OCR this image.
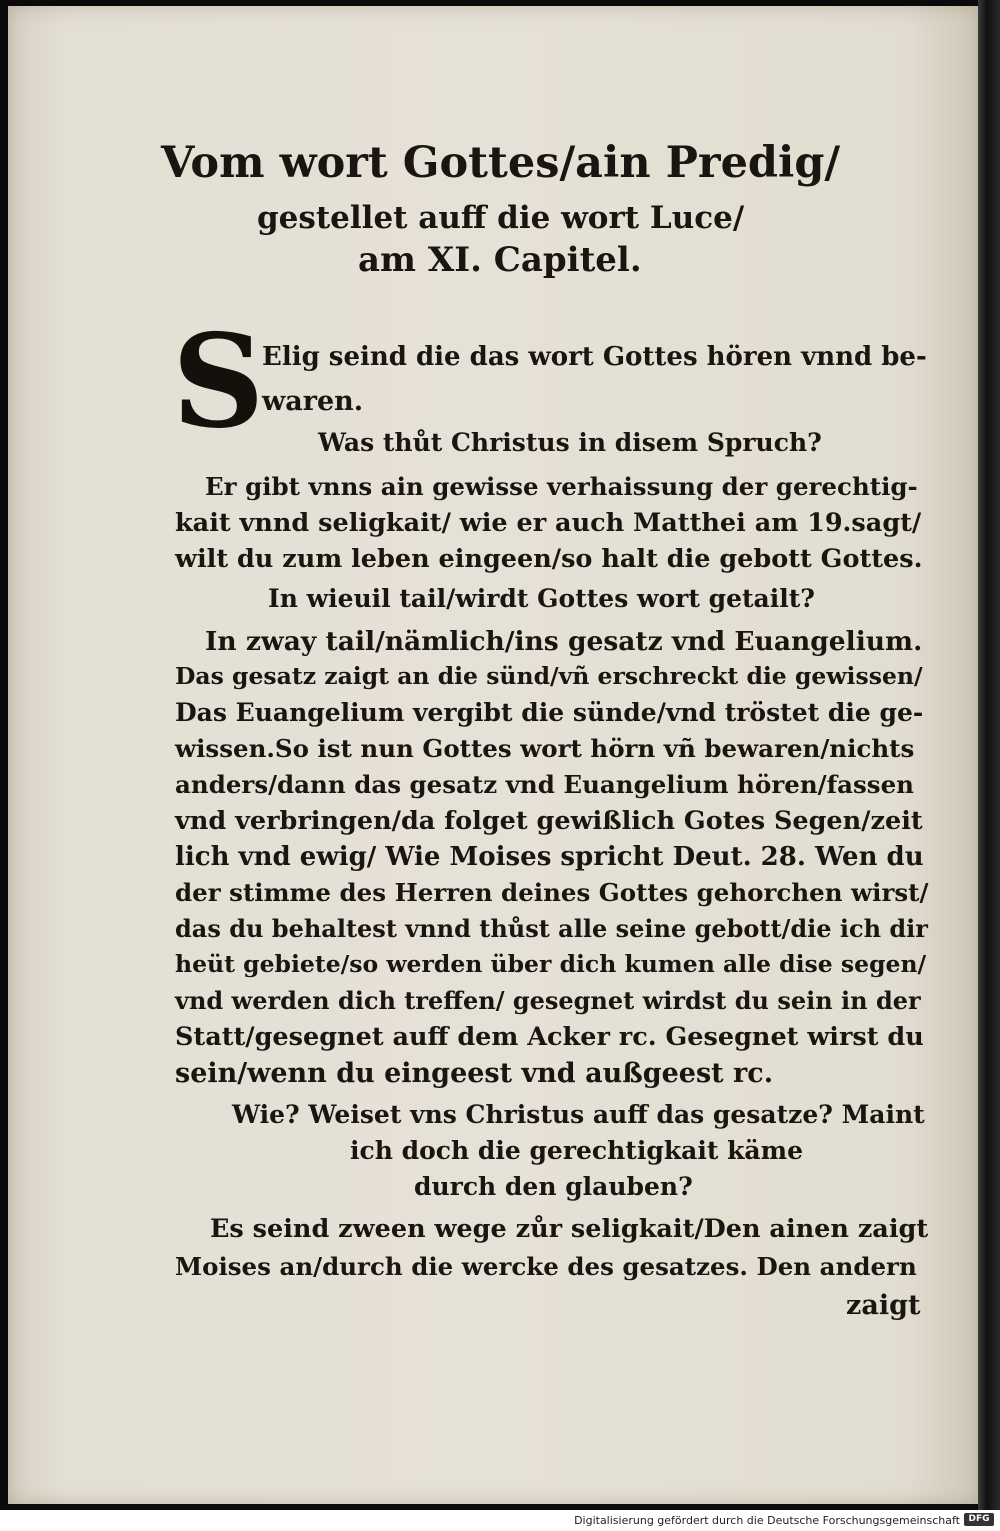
Vom wort Gottes/ain Predig/
gestellet auff die wort Luce/
am XI. Capitel.
S
Elig seind die das wort Gottes hören vnnd be-
waren.
Was thůt Christus in disem Spruch?
Er gibt vnns ain gewisse verhaissung der gerechtig-
kait vnnd seligkait/ wie er auch Matthei am 19.sagt/
wilt du zum leben eingeen/so halt die gebott Gottes.
In wieuil tail/wirdt Gottes wort getailt?
In zway tail/nämlich/ins gesatz vnd Euangelium.
Das gesatz zaigt an die sünd/vñ erschreckt die gewissen/
Das Euangelium vergibt die sünde/vnd tröstet die ge-
wissen.So ist nun Gottes wort hörn vñ bewaren/nichts
anders/dann das gesatz vnd Euangelium hören/fassen
vnd verbringen/da folget gewißlich Gotes Segen/zeit
lich vnd ewig/ Wie Moises spricht Deut. 28. Wen du
der stimme des Herren deines Gottes gehorchen wirst/
das du behaltest vnnd thůst alle seine gebott/die ich dir
heüt gebiete/so werden über dich kumen alle dise segen/
vnd werden dich treffen/ gesegnet wirdst du sein in der
Statt/gesegnet auff dem Acker rc. Gesegnet wirst du
sein/wenn du eingeest vnd außgeest rc.
Wie? Weiset vns Christus auff das gesatze? Maint
ich doch die gerechtigkait käme
durch den glauben?
Es seind zween wege zůr seligkait/Den ainen zaigt
Moises an/durch die wercke des gesatzes. Den andern
zaigt
Digitalisierung gefördert durch die Deutsche Forschungsgemeinschaft DFG
